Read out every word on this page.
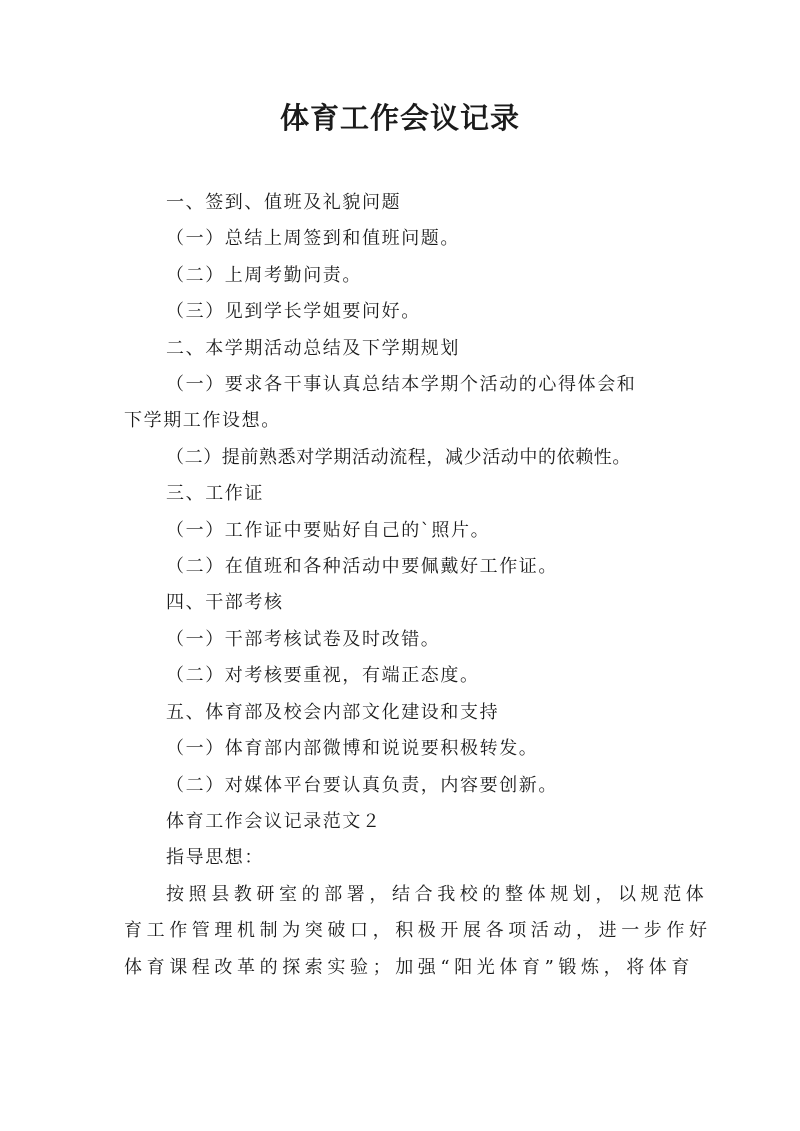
体育工作会议记录

一、签到、值班及礼貌问题

（一）总结上周签到和值班问题。

（二）上周考勤问责。

（三）见到学长学姐要问好。

二、本学期活动总结及下学期规划

（一）要求各干事认真总结本学期个活动的心得体会和

下学期工作设想。

（二）提前熟悉对学期活动流程，减少活动中的依赖性。

三、工作证

（一）工作证中要贴好自己的`照片。

（二）在值班和各种活动中要佩戴好工作证。

四、干部考核

（一）干部考核试卷及时改错。

（二）对考核要重视，有端正态度。

五、体育部及校会内部文化建设和支持

（一）体育部内部微博和说说要积极转发。

（二）对媒体平台要认真负责，内容要创新。

体育工作会议记录范文２

指导思想：

按照县教研室的部署，结合我校的整体规划，以规范体

育工作管理机制为突破口，积极开展各项活动，进一步作好

体育课程改革的探索实验；加强“阳光体育”锻炼，将体育
